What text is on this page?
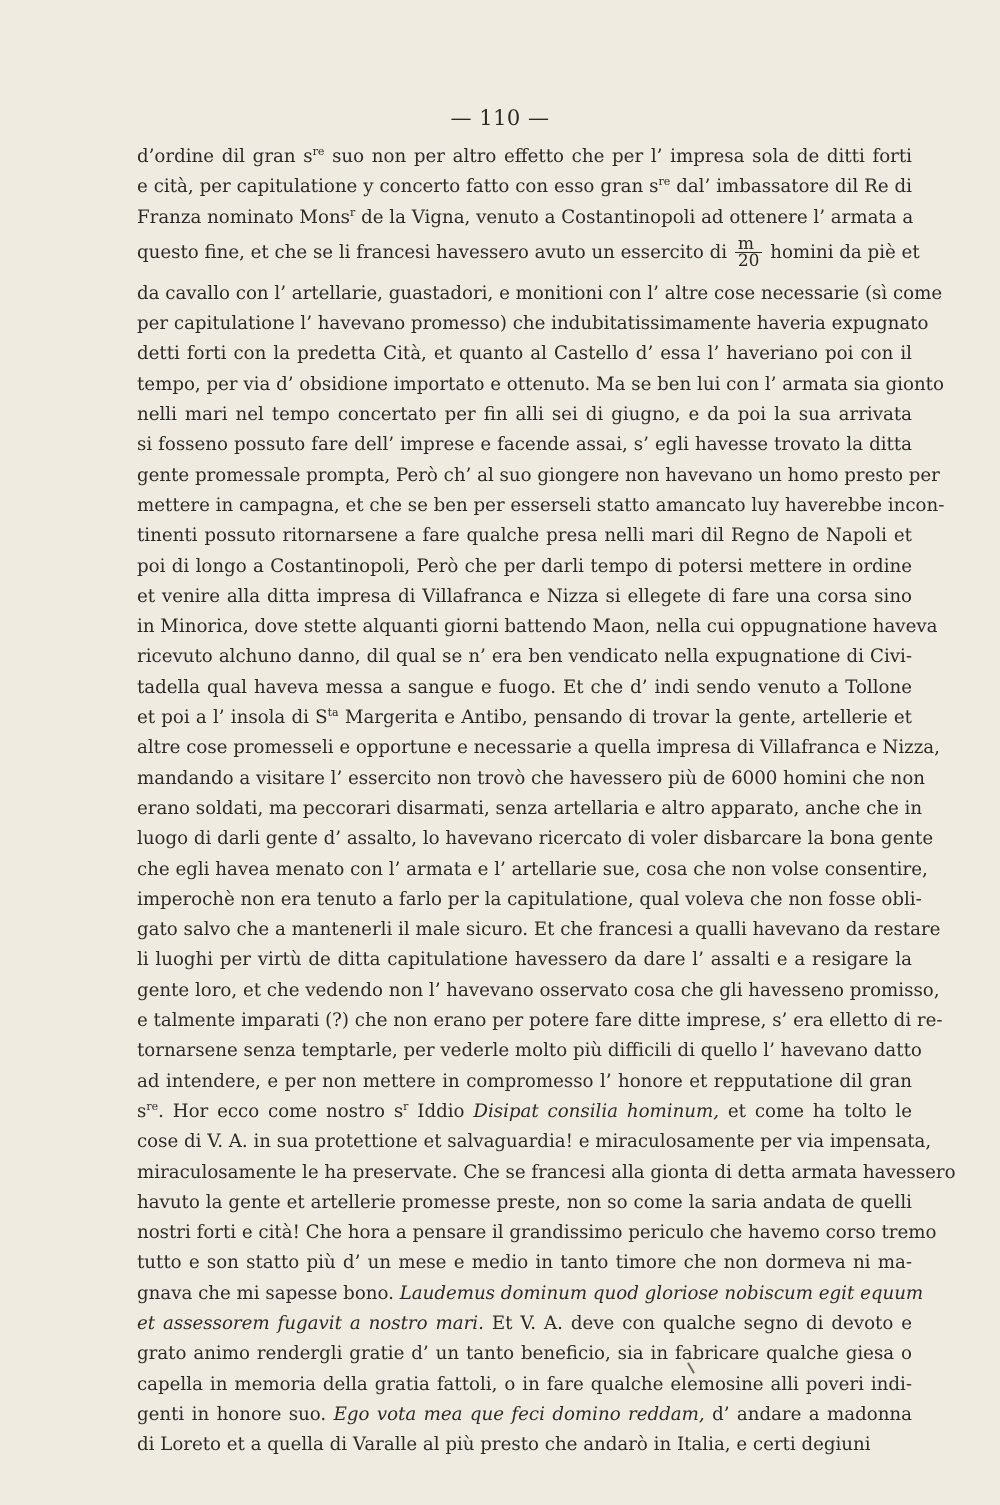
— 110 —
d’ordine dil gran $s^{re}$ suo non per altro effetto che per l’ impresa sola de ditti forti
e cità, per capitulatione y concerto fatto con esso gran $s^{re}$ dal’ imbassatore dil Re di
Franza nominato Mons$^r$ de la Vigna, venuto a Costantinopoli ad ottenere l’ armata a
questo fine, et che se li francesi havessero avuto un essercito di $\frac{m}{20}$ homini da piè et
da cavallo con l’ artellarie, guastadori, e monitioni con l’ altre cose necessarie (sì come
per capitulatione l’ havevano promesso) che indubitatissimamente haveria expugnato
detti forti con la predetta Cità, et quanto al Castello d’ essa l’ haveriano poi con il
tempo, per via d’ obsidione importato e ottenuto. Ma se ben lui con l’ armata sia gionto
nelli mari nel tempo concertato per fin alli sei di giugno, e da poi la sua arrivata
si fosseno possuto fare dell’ imprese e facende assai, s’ egli havesse trovato la ditta
gente promessale prompta, Però ch’ al suo giongere non havevano un homo presto per
mettere in campagna, et che se ben per esserseli statto amancato luy haverebbe incon-
tinenti possuto ritornarsene a fare qualche presa nelli mari dil Regno de Napoli et
poi di longo a Costantinopoli, Però che per darli tempo di potersi mettere in ordine
et venire alla ditta impresa di Villafranca e Nizza si ellegete di fare una corsa sino
in Minorica, dove stette alquanti giorni battendo Maon, nella cui oppugnatione haveva
ricevuto alchuno danno, dil qual se n’ era ben vendicato nella expugnatione di Civi-
tadella qual haveva messa a sangue e fuogo. Et che d’ indi sendo venuto a Tollone
et poi a l’ insola di $S^{ta}$ Margerita e Antibo, pensando di trovar la gente, artellerie et
altre cose promesseli e opportune e necessarie a quella impresa di Villafranca e Nizza,
mandando a visitare l’ essercito non trovò che havessero più de 6000 homini che non
erano soldati, ma peccorari disarmati, senza artellaria e altro apparato, anche che in
luogo di darli gente d’ assalto, lo havevano ricercato di voler disbarcare la bona gente
che egli havea menato con l’ armata e l’ artellarie sue, cosa che non volse consentire,
imperochè non era tenuto a farlo per la capitulatione, qual voleva che non fosse obli-
gato salvo che a mantenerli il male sicuro. Et che francesi a qualli havevano da restare
li luoghi per virtù de ditta capitulatione havessero da dare l’ assalti e a resigare la
gente loro, et che vedendo non l’ havevano osservato cosa che gli havesseno promisso,
e talmente imparati (?) che non erano per potere fare ditte imprese, s’ era elletto di re-
tornarsene senza temptarle, per vederle molto più difficili di quello l’ havevano datto
ad intendere, e per non mettere in compromesso l’ honore et repputatione dil gran
$s^{re}$. Hor ecco come nostro $s^r$ Iddio Disipat consilia hominum, et come ha tolto le
cose di V. A. in sua protettione et salvaguardia! e miraculosamente per via impensata,
miraculosamente le ha preservate. Che se francesi alla gionta di detta armata havessero
havuto la gente et artellerie promesse preste, non so come la saria andata de quelli
nostri forti e cità! Che hora a pensare il grandissimo periculo che havemo corso tremo
tutto e son statto più d’ un mese e medio in tanto timore che non dormeva ni ma-
gnava che mi sapesse bono. Laudemus dominum quod gloriose nobiscum egit equum
et assessorem fugavit a nostro mari. Et V. A. deve con qualche segno di devoto e
grato animo rendergli gratie d’ un tanto beneficio, sia in fabricare qualche giesa o
capella in memoria della gratia fattoli, o in fare qualche elemosine alli poveri indi-
genti in honore suo. Ego vota mea que feci domino reddam, d’ andare a madonna
di Loreto et a quella di Varalle al più presto che andarò in Italia, e certi degiuni
